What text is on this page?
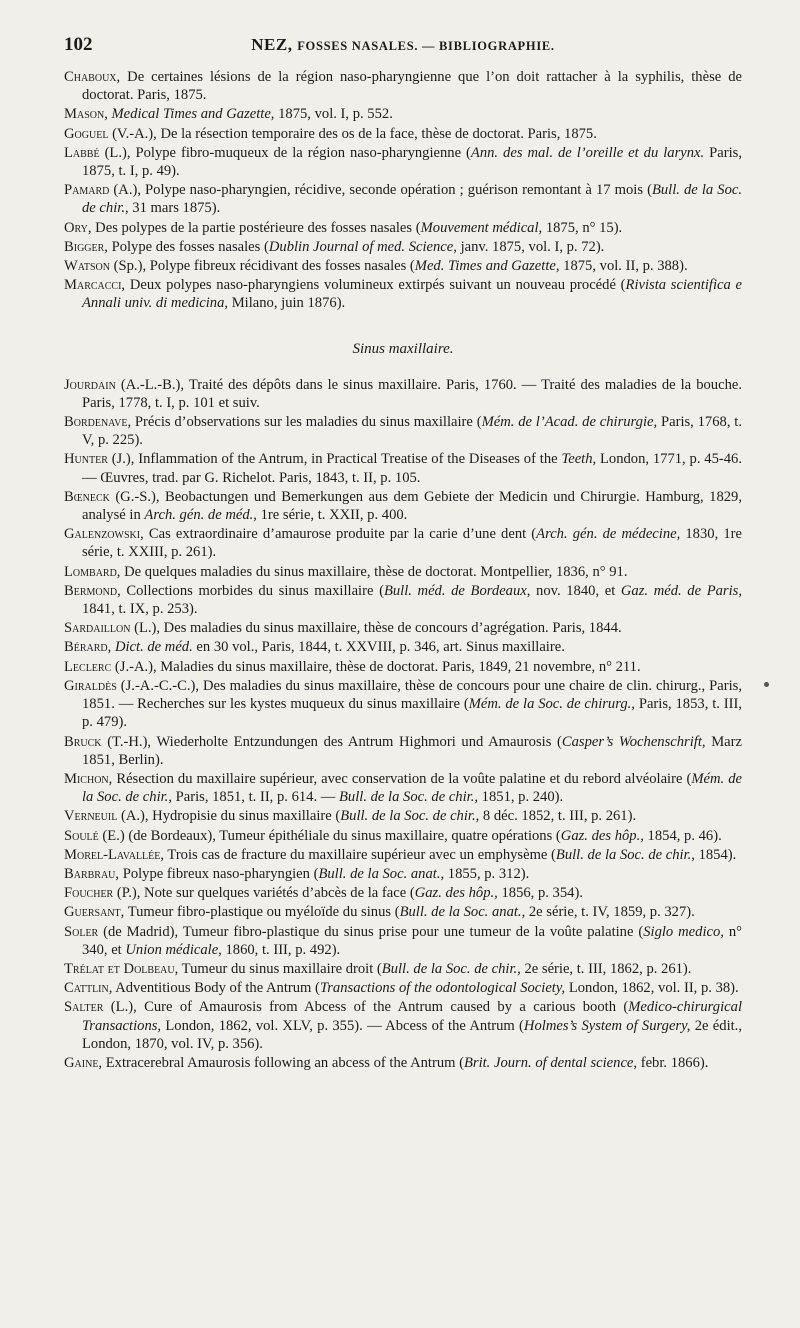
102	NEZ, FOSSES NASALES. — BIBLIOGRAPHIE.

Chaboux, De certaines lésions de la région naso-pharyngienne que l’on doit rattacher à la syphilis, thèse de doctorat. Paris, 1875.

Mason, Medical Times and Gazette, 1875, vol. I, p. 552.

Goguel (V.-A.), De la résection temporaire des os de la face, thèse de doctorat. Paris, 1875.

Labbé (L.), Polype fibro-muqueux de la région naso-pharyngienne (Ann. des mal. de l’oreille et du larynx. Paris, 1875, t. I, p. 49).

Pamard (A.), Polype naso-pharyngien, récidive, seconde opération ; guérison remontant à 17 mois (Bull. de la Soc. de chir., 31 mars 1875).

Ory, Des polypes de la partie postérieure des fosses nasales (Mouvement médical, 1875, n° 15).

Bigger, Polype des fosses nasales (Dublin Journal of med. Science, janv. 1875, vol. I, p. 72).

Watson (Sp.), Polype fibreux récidivant des fosses nasales (Med. Times and Gazette, 1875, vol. II, p. 388).

Marcacci, Deux polypes naso-pharyngiens volumineux extirpés suivant un nouveau procédé (Rivista scientifica e Annali univ. di medicina, Milano, juin 1876).

Sinus maxillaire.

Jourdain (A.-L.-B.), Traité des dépôts dans le sinus maxillaire. Paris, 1760. — Traité des maladies de la bouche. Paris, 1778, t. I, p. 101 et suiv.

Bordenave, Précis d’observations sur les maladies du sinus maxillaire (Mém. de l’Acad. de chirurgie, Paris, 1768, t. V, p. 225).

Hunter (J.), Inflammation of the Antrum, in Practical Treatise of the Diseases of the Teeth, London, 1771, p. 45-46. — Œuvres, trad. par G. Richelot. Paris, 1843, t. II, p. 105.

Bœneck (G.-S.), Beobactungen und Bemerkungen aus dem Gebiete der Medicin und Chirurgie. Hamburg, 1829, analysé in Arch. gén. de méd., 1re série, t. XXII, p. 400.

Galenzowski, Cas extraordinaire d’amaurose produite par la carie d’une dent (Arch. gén. de médecine, 1830, 1re série, t. XXIII, p. 261).

Lombard, De quelques maladies du sinus maxillaire, thèse de doctorat. Montpellier, 1836, n° 91.

Bermond, Collections morbides du sinus maxillaire (Bull. méd. de Bordeaux, nov. 1840, et Gaz. méd. de Paris, 1841, t. IX, p. 253).

Sardaillon (L.), Des maladies du sinus maxillaire, thèse de concours d’agrégation. Paris, 1844.

Bérard, Dict. de méd. en 30 vol., Paris, 1844, t. XXVIII, p. 346, art. Sinus maxillaire.

Leclerc (J.-A.), Maladies du sinus maxillaire, thèse de doctorat. Paris, 1849, 21 novembre, n° 211.

Giraldès (J.-A.-C.-C.), Des maladies du sinus maxillaire, thèse de concours pour une chaire de clin. chirurg., Paris, 1851. — Recherches sur les kystes muqueux du sinus maxillaire (Mém. de la Soc. de chirurg., Paris, 1853, t. III, p. 479).

Bruck (T.-H.), Wiederholte Entzundungen des Antrum Highmori und Amaurosis (Casper’s Wochenschrift, Marz 1851, Berlin).

Michon, Résection du maxillaire supérieur, avec conservation de la voûte palatine et du rebord alvéolaire (Mém. de la Soc. de chir., Paris, 1851, t. II, p. 614. — Bull. de la Soc. de chir., 1851, p. 240).

Verneuil (A.), Hydropisie du sinus maxillaire (Bull. de la Soc. de chir., 8 déc. 1852, t. III, p. 261).

Soulé (E.) (de Bordeaux), Tumeur épithéliale du sinus maxillaire, quatre opérations (Gaz. des hôp., 1854, p. 46).

Morel-Lavallée, Trois cas de fracture du maxillaire supérieur avec un emphysème (Bull. de la Soc. de chir., 1854).

Barbrau, Polype fibreux naso-pharyngien (Bull. de la Soc. anat., 1855, p. 312).

Foucher (P.), Note sur quelques variétés d’abcès de la face (Gaz. des hôp., 1856, p. 354).

Guersant, Tumeur fibro-plastique ou myéloïde du sinus (Bull. de la Soc. anat., 2e série, t. IV, 1859, p. 327).

Soler (de Madrid), Tumeur fibro-plastique du sinus prise pour une tumeur de la voûte palatine (Siglo medico, n° 340, et Union médicale, 1860, t. III, p. 492).

Trélat et Dolbeau, Tumeur du sinus maxillaire droit (Bull. de la Soc. de chir., 2e série, t. III, 1862, p. 261).

Cattlin, Adventitious Body of the Antrum (Transactions of the odontological Society, London, 1862, vol. II, p. 38).

Salter (L.), Cure of Amaurosis from Abcess of the Antrum caused by a carious booth (Medico-chirurgical Transactions, London, 1862, vol. XLV, p. 355). — Abcess of the Antrum (Holmes’s System of Surgery, 2e édit., London, 1870, vol. IV, p. 356).

Gaine, Extracerebral Amaurosis following an abcess of the Antrum (Brit. Journ. of dental science, febr. 1866).
